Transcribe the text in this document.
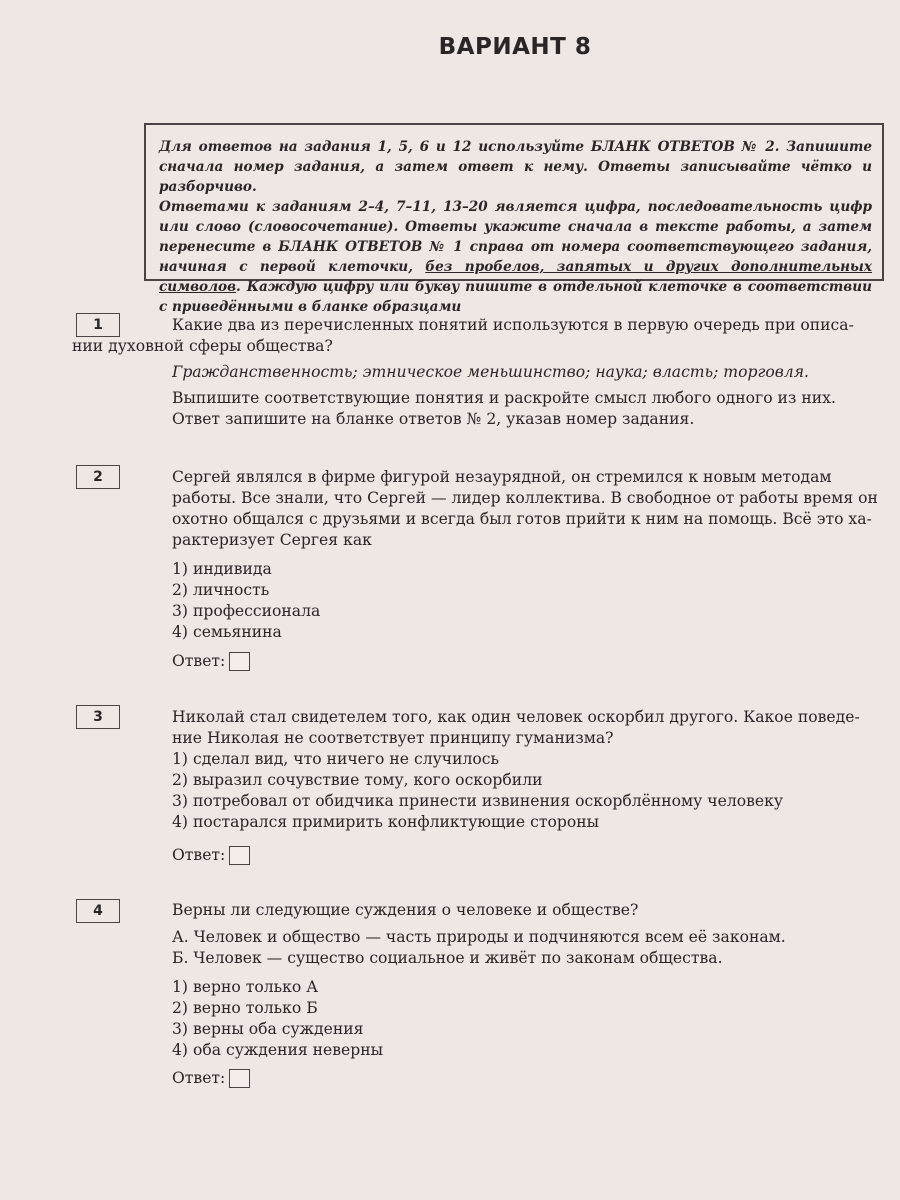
ВАРИАНТ 8

Для ответов на задания 1, 5, 6 и 12 используйте БЛАНК ОТВЕТОВ № 2. Запишите сначала номер задания, а затем ответ к нему. Ответы записывайте чётко и разборчиво.

Ответами к заданиям 2–4, 7–11, 13–20 является цифра, последовательность цифр или слово (словосочетание). Ответы укажите сначала в тексте работы, а затем перенесите в БЛАНК ОТВЕТОВ № 1 справа от номера соответствующего задания, начиная с первой клеточки, без пробелов, запятых и других дополнительных символов. Каждую цифру или букву пишите в отдельной клеточке в соответствии с приведёнными в бланке образцами

1	Какие два из перечисленных понятий используются в первую очередь при описа-

нии духовной сферы общества?

Гражданственность; этническое меньшинство; наука; власть; торговля.

Выпишите соответствующие понятия и раскройте смысл любого одного из них.

Ответ запишите на бланке ответов № 2, указав номер задания.

2	Сергей являлся в фирме фигурой незаурядной, он стремился к новым методам

работы. Все знали, что Сергей — лидер коллектива. В свободное от работы время он

охотно общался с друзьями и всегда был готов прийти к ним на помощь. Всё это ха-

рактеризует Сергея как

1) индивида

2) личность

3) профессионала

4) семьянина

Ответ:
3	Николай стал свидетелем того, как один человек оскорбил другого. Какое поведе-

ние Николая не соответствует принципу гуманизма?

1) сделал вид, что ничего не случилось

2) выразил сочувствие тому, кого оскорбили

3) потребовал от обидчика принести извинения оскорблённому человеку

4) постарался примирить конфликтующие стороны

Ответ:
4	Верны ли следующие суждения о человеке и обществе?

А. Человек и общество — часть природы и подчиняются всем её законам.

Б. Человек — существо социальное и живёт по законам общества.

1) верно только А

2) верно только Б

3) верны оба суждения

4) оба суждения неверны

Ответ:
